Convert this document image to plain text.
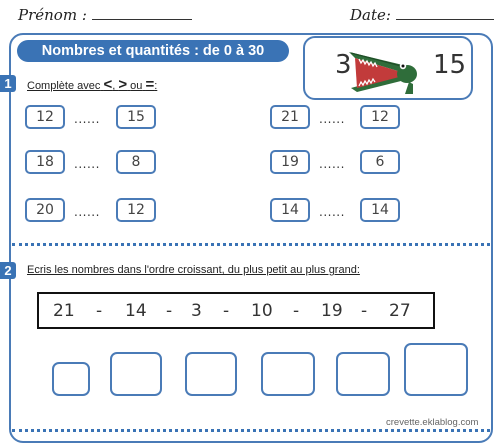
Prénom :	Date:
Nombres et quantités : de 0 à 30	3	15
1	Complète avec <, > ou =:
12	......	15	21	......	12
18	......	8	19	......	6
20	......	12	14	......	14
2	Ecris les nombres dans l'ordre croissant, du plus petit au plus grand:
21 - 14 - 3 - 10 - 19 - 27
crevette.eklablog.com
